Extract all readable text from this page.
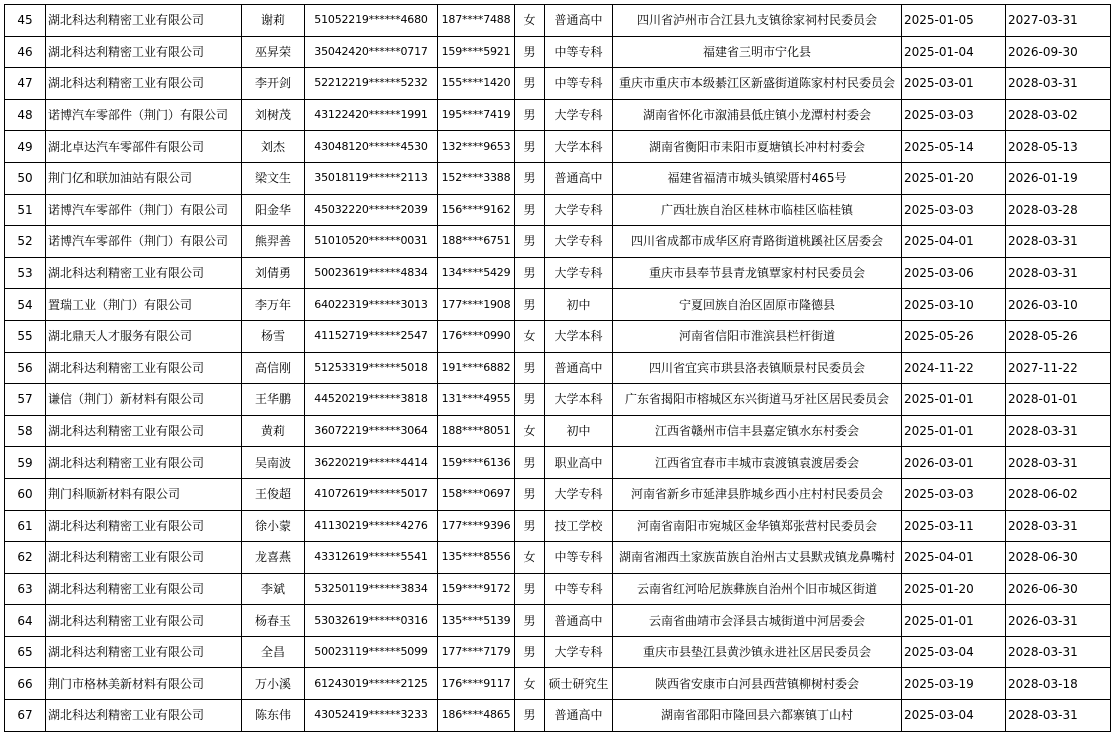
45	湖北科达利精密工业有限公司	谢莉	51052219******4680	187****7488	女	普通高中	四川省泸州市合江县九支镇徐家祠村民委员会	2025-01-05	2027-03-31
46	湖北科达利精密工业有限公司	巫昇荣	35042420******0717	159****5921	男	中等专科	福建省三明市宁化县	2025-01-04	2026-09-30
47	湖北科达利精密工业有限公司	李开剑	52212219******5232	155****1420	男	中等专科	重庆市重庆市本级綦江区新盛街道陈家村村民委员会	2025-03-01	2028-03-31
48	诺博汽车零部件（荆门）有限公司	刘树茂	43122420******1991	195****7419	男	大学专科	湖南省怀化市溆浦县低庄镇小龙潭村村委会	2025-03-03	2028-03-02
49	湖北卓达汽车零部件有限公司	刘杰	43048120******4530	132****9653	男	大学本科	湖南省衡阳市耒阳市夏塘镇长冲村村委会	2025-05-14	2028-05-13
50	荆门亿和联加油站有限公司	梁文生	35018119******2113	152****3388	男	普通高中	福建省福清市城头镇梁厝村465号	2025-01-20	2026-01-19
51	诺博汽车零部件（荆门）有限公司	阳金华	45032220******2039	156****9162	男	大学专科	广西壮族自治区桂林市临桂区临桂镇	2025-03-03	2028-03-28
52	诺博汽车零部件（荆门）有限公司	熊羿善	51010520******0031	188****6751	男	大学专科	四川省成都市成华区府青路街道桃蹊社区居委会	2025-04-01	2028-03-31
53	湖北科达利精密工业有限公司	刘倩勇	50023619******4834	134****5429	男	大学专科	重庆市县奉节县青龙镇覃家村村民委员会	2025-03-06	2028-03-31
54	置瑞工业（荆门）有限公司	李万年	64022319******3013	177****1908	男	初中	宁夏回族自治区固原市隆德县	2025-03-10	2026-03-10
55	湖北鼎天人才服务有限公司	杨雪	41152719******2547	176****0990	女	大学本科	河南省信阳市淮滨县栏杆街道	2025-05-26	2028-05-26
56	湖北科达利精密工业有限公司	高信刚	51253319******5018	191****6882	男	普通高中	四川省宜宾市珙县洛表镇顺景村民委员会	2024-11-22	2027-11-22
57	谦信（荆门）新材料有限公司	王华鹏	44520219******3818	131****4955	男	大学本科	广东省揭阳市榕城区东兴街道马牙社区居民委员会	2025-01-01	2028-01-01
58	湖北科达利精密工业有限公司	黄莉	36072219******3064	188****8051	女	初中	江西省赣州市信丰县嘉定镇水东村委会	2025-01-01	2028-03-31
59	湖北科达利精密工业有限公司	吴南波	36220219******4414	159****6136	男	职业高中	江西省宜春市丰城市袁渡镇袁渡居委会	2026-03-01	2028-03-31
60	荆门科顺新材料有限公司	王俊超	41072619******5017	158****0697	男	大学专科	河南省新乡市延津县胙城乡西小庄村村民委员会	2025-03-03	2028-06-02
61	湖北科达利精密工业有限公司	徐小蒙	41130219******4276	177****9396	男	技工学校	河南省南阳市宛城区金华镇郑张营村民委员会	2025-03-11	2028-03-31
62	湖北科达利精密工业有限公司	龙喜燕	43312619******5541	135****8556	女	中等专科	湖南省湘西土家族苗族自治州古丈县默戎镇龙鼻嘴村	2025-04-01	2028-06-30
63	湖北科达利精密工业有限公司	李斌	53250119******3834	159****9172	男	中等专科	云南省红河哈尼族彝族自治州个旧市城区街道	2025-01-20	2026-06-30
64	湖北科达利精密工业有限公司	杨春玉	53032619******0316	135****5139	男	普通高中	云南省曲靖市会泽县古城街道中河居委会	2025-01-01	2026-03-31
65	湖北科达利精密工业有限公司	全昌	50023119******5099	177****7179	男	大学专科	重庆市县垫江县黄沙镇永进社区居民委员会	2025-03-04	2028-03-31
66	荆门市格林美新材料有限公司	万小溪	61243019******2125	176****9117	女	硕士研究生	陕西省安康市白河县西营镇柳树村委会	2025-03-19	2028-03-18
67	湖北科达利精密工业有限公司	陈东伟	43052419******3233	186****4865	男	普通高中	湖南省邵阳市隆回县六都寨镇丁山村	2025-03-04	2028-03-31
